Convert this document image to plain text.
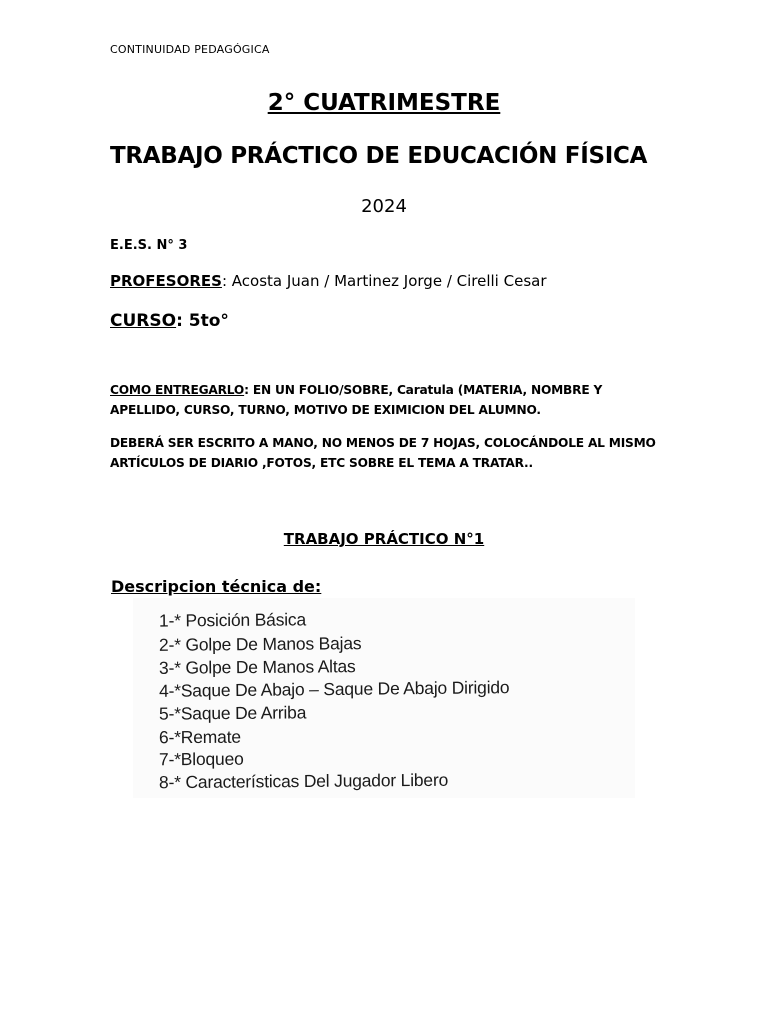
CONTINUIDAD PEDAGÓGICA
2° CUATRIMESTRE
TRABAJO PRÁCTICO DE EDUCACIÓN FÍSICA
2024
E.E.S. N° 3
PROFESORES: Acosta Juan / Martinez Jorge / Cirelli Cesar
CURSO: 5to°
COMO ENTREGARLO: EN UN FOLIO/SOBRE, Caratula (MATERIA, NOMBRE Y APELLIDO, CURSO, TURNO, MOTIVO DE EXIMICION DEL ALUMNO.
DEBERÁ SER ESCRITO A MANO, NO MENOS DE 7 HOJAS, COLOCÁNDOLE AL MISMO ARTÍCULOS DE DIARIO ,FOTOS, ETC SOBRE EL TEMA A TRATAR..
TRABAJO PRÁCTICO N°1
Descripcion técnica de:
1-* Posición Básica
2-* Golpe De Manos Bajas
3-* Golpe De Manos Altas
4-*Saque De Abajo – Saque De Abajo Dirigido
5-*Saque De Arriba
6-*Remate
7-*Bloqueo
8-* Características Del Jugador Libero
